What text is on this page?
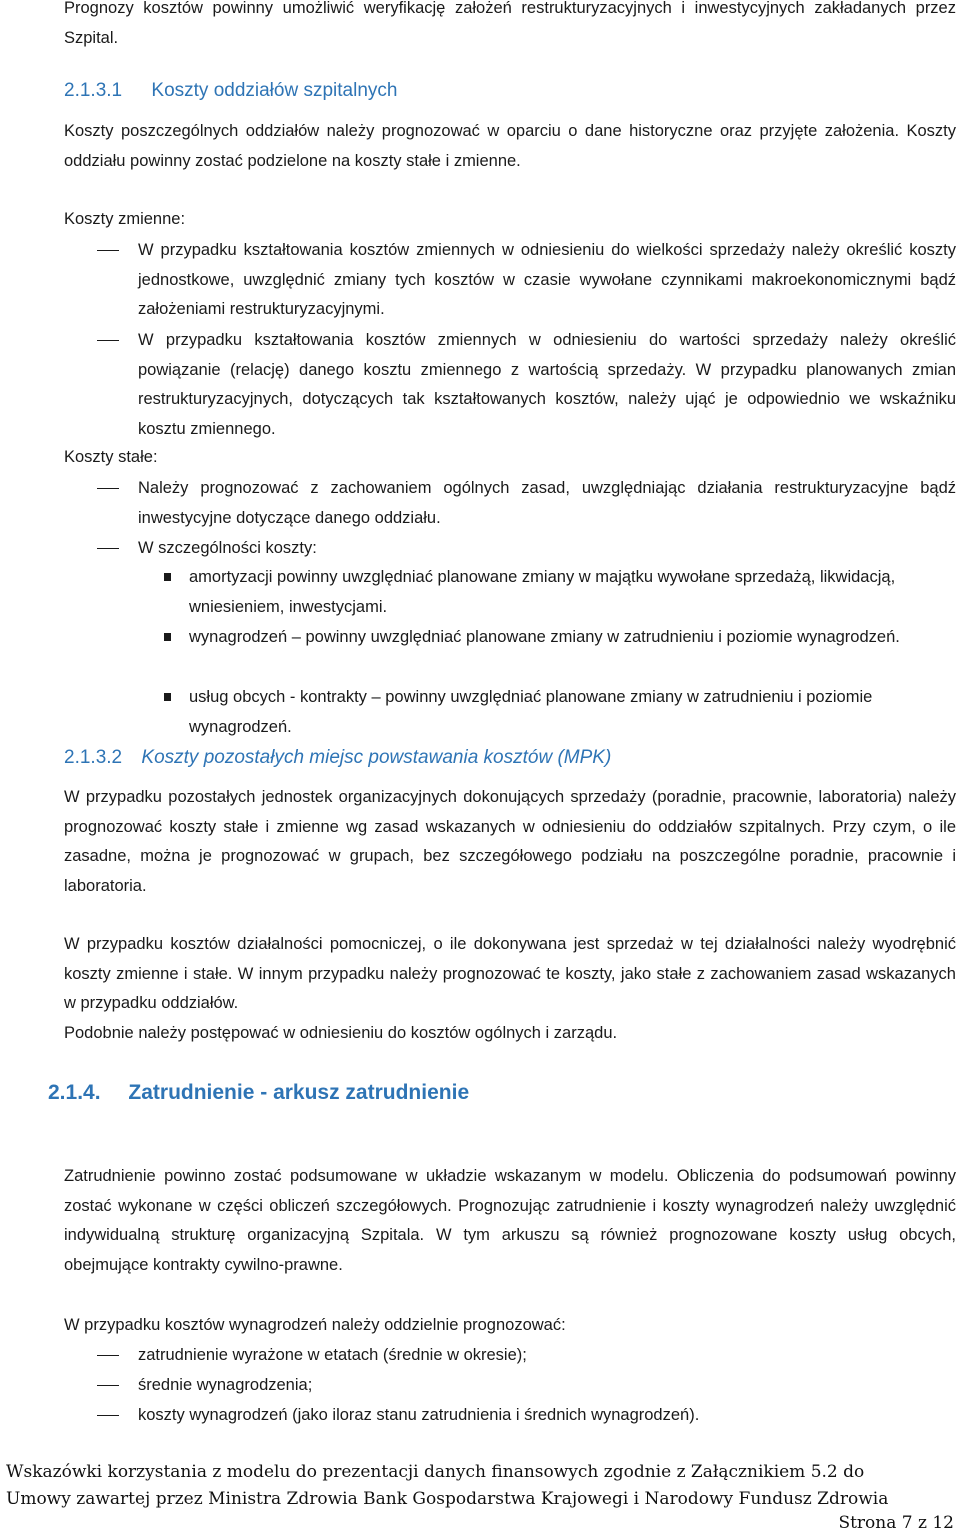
Prognozy kosztów powinny umożliwić weryfikację założeń restrukturyzacyjnych i inwestycyjnych zakładanych przez Szpital.

2.1.3.1 Koszty oddziałów szpitalnych

Koszty poszczególnych oddziałów należy prognozować w oparciu o dane historyczne oraz przyjęte założenia. Koszty oddziału powinny zostać podzielone na koszty stałe i zmienne.

Koszty zmienne:

W przypadku kształtowania kosztów zmiennych w odniesieniu do wielkości sprzedaży należy określić koszty jednostkowe, uwzględnić zmiany tych kosztów w czasie wywołane czynnikami makroekonomicznymi bądź założeniami restrukturyzacyjnymi.

W przypadku kształtowania kosztów zmiennych w odniesieniu do wartości sprzedaży należy określić powiązanie (relację) danego kosztu zmiennego z wartością sprzedaży. W przypadku planowanych zmian restrukturyzacyjnych, dotyczących tak kształtowanych kosztów, należy ująć je odpowiednio we wskaźniku kosztu zmiennego.

Koszty stałe:

Należy prognozować z zachowaniem ogólnych zasad, uwzględniając działania restrukturyzacyjne bądź inwestycyjne dotyczące danego oddziału.

W szczególności koszty:

amortyzacji powinny uwzględniać planowane zmiany w majątku wywołane sprzedażą, likwidacją, wniesieniem, inwestycjami.

wynagrodzeń – powinny uwzględniać planowane zmiany w zatrudnieniu i poziomie wynagrodzeń.

usług obcych - kontrakty – powinny uwzględniać planowane zmiany w zatrudnieniu i poziomie wynagrodzeń.

2.1.3.2 Koszty pozostałych miejsc powstawania kosztów (MPK)

W przypadku pozostałych jednostek organizacyjnych dokonujących sprzedaży (poradnie, pracownie, laboratoria) należy prognozować koszty stałe i zmienne wg zasad wskazanych w odniesieniu do oddziałów szpitalnych. Przy czym, o ile zasadne, można je prognozować w grupach, bez szczegółowego podziału na poszczególne poradnie, pracownie i laboratoria.

W przypadku kosztów działalności pomocniczej, o ile dokonywana jest sprzedaż w tej działalności należy wyodrębnić koszty zmienne i stałe. W innym przypadku należy prognozować te koszty, jako stałe z zachowaniem zasad wskazanych w przypadku oddziałów.

Podobnie należy postępować w odniesieniu do kosztów ogólnych i zarządu.

2.1.4. Zatrudnienie - arkusz zatrudnienie

Zatrudnienie powinno zostać podsumowane w układzie wskazanym w modelu. Obliczenia do podsumowań powinny zostać wykonane w części obliczeń szczegółowych. Prognozując zatrudnienie i koszty wynagrodzeń należy uwzględnić indywidualną strukturę organizacyjną Szpitala. W tym arkuszu są również prognozowane koszty usług obcych, obejmujące kontrakty cywilno-prawne.

W przypadku kosztów wynagrodzeń należy oddzielnie prognozować:

zatrudnienie wyrażone w etatach (średnie w okresie);

średnie wynagrodzenia;

koszty wynagrodzeń (jako iloraz stanu zatrudnienia i średnich wynagrodzeń).

Wskazówki korzystania z modelu do prezentacji danych finansowych zgodnie z Załącznikiem 5.2 do
Umowy zawartej przez Ministra Zdrowia Bank Gospodarstwa Krajowegi i Narodowy Fundusz Zdrowia
Strona 7 z 12
